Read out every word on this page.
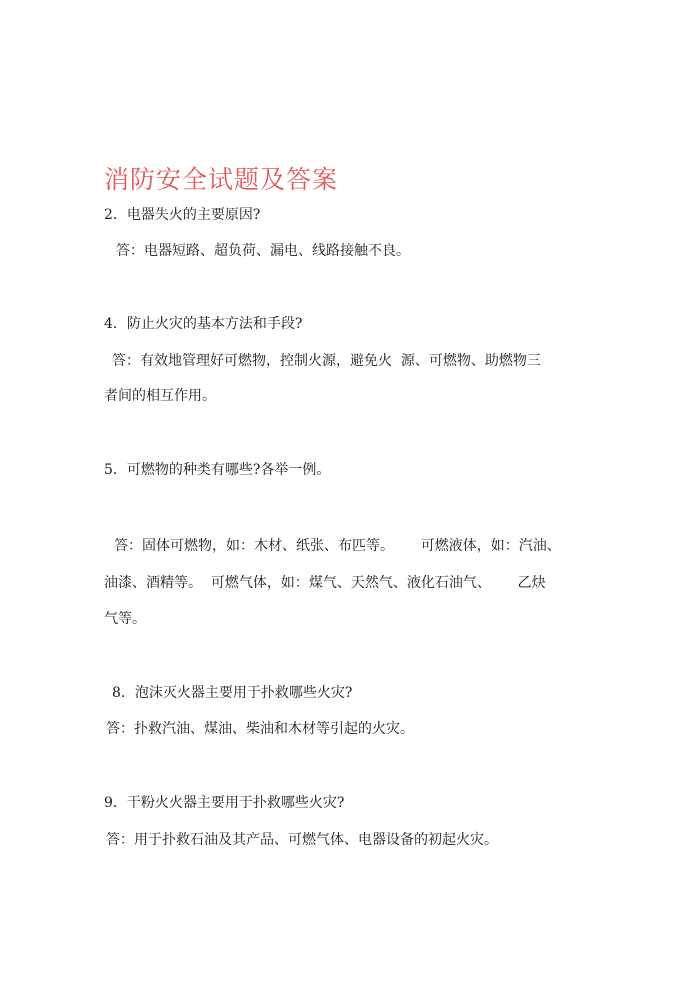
消防安全试题及答案
2．电器失火的主要原因?
答：电器短路、超负荷、漏电、线路接触不良。
4．防止火灾的基本方法和手段?
答：有效地管理好可燃物，控制火源，避免火  源、可燃物、助燃物三
者间的相互作用。
5．可燃物的种类有哪些?各举一例。
答：固体可燃物，如：木材、纸张、布匹等。      可燃液体，如：汽油、
油漆、酒精等。  可燃气体，如：煤气、天然气、液化石油气、      乙炔
气等。
8．泡沫灭火器主要用于扑救哪些火灾?
答：扑救汽油、煤油、柴油和木材等引起的火灾。
9．干粉火火器主要用于扑救哪些火灾?
答：用于扑救石油及其产品、可燃气体、电器设备的初起火灾。
